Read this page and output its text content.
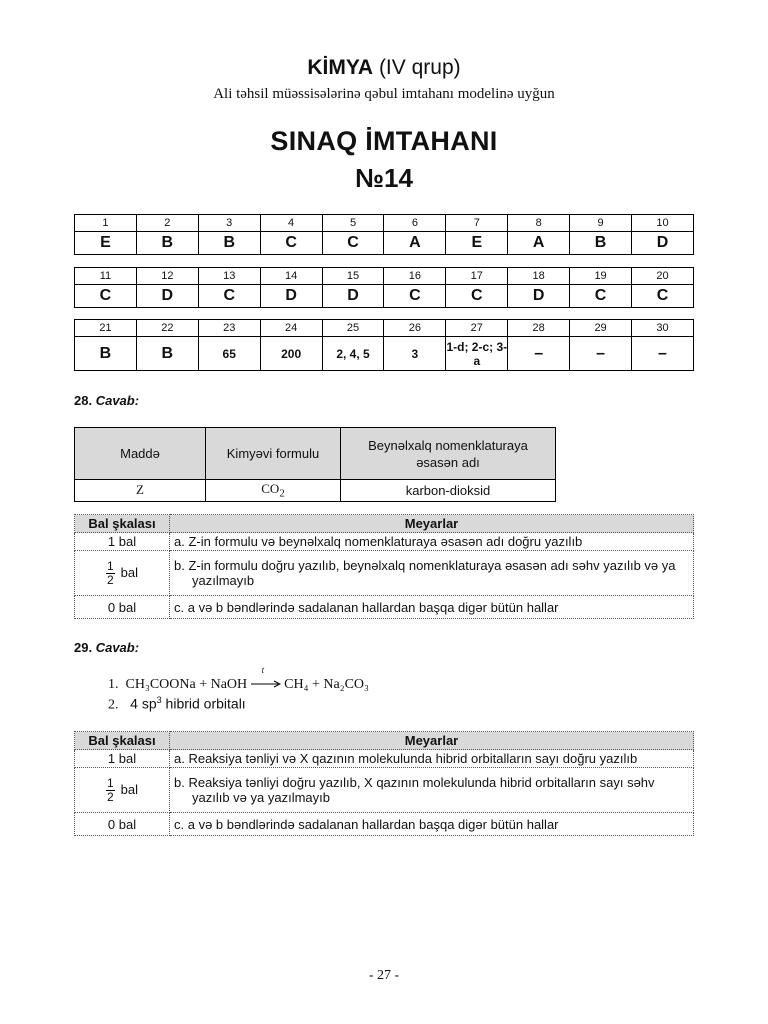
KİMYA (IV qrup)
Ali təhsil müəssisələrinə qəbul imtahanı modelinə uyğun
SINAQ İMTAHANI
№14
1	2	3	4	5	6	7	8	9	10
E	B	B	C	C	A	E	A	B	D
11	12	13	14	15	16	17	18	19	20
C	D	C	D	D	C	C	D	C	C
21	22	23	24	25	26	27	28	29	30
B	B	65	200	2, 4, 5	3	1-d; 2-c; 3-a	–	–	–
28. Cavab:
Maddə	Kimyəvi formulu	Beynəlxalq nomenklaturaya əsasən adı
Z	$CO_2$	karbon-dioksid
Bal şkalası	Meyarlar
1 bal	a. Z-in formulu və beynəlxalq nomenklaturaya əsasən adı doğru yazılıb

$\frac{1}{2}$ bal	b. Z-in formulu doğru yazılıb, beynəlxalq nomenklaturaya əsasən adı səhv yazılıb və ya
yazılmayıb

0 bal	c. a və b bəndlərində sadalanan hallardan başqa digər bütün hallar
29. Cavab:
1. CH₃COONa + NaOH
t
CH₄ + Na₂CO₃
2. 4 $sp^3$ hibrid orbitalı
Bal şkalası	Meyarlar
1 bal	a. Reaksiya tənliyi və X qazının molekulunda hibrid orbitalların sayı doğru yazılıb

$\frac{1}{2}$ bal	b. Reaksiya tənliyi doğru yazılıb, X qazının molekulunda hibrid orbitalların sayı səhv
yazılıb və ya yazılmayıb

0 bal	c. a və b bəndlərində sadalanan hallardan başqa digər bütün hallar
- 27 -
